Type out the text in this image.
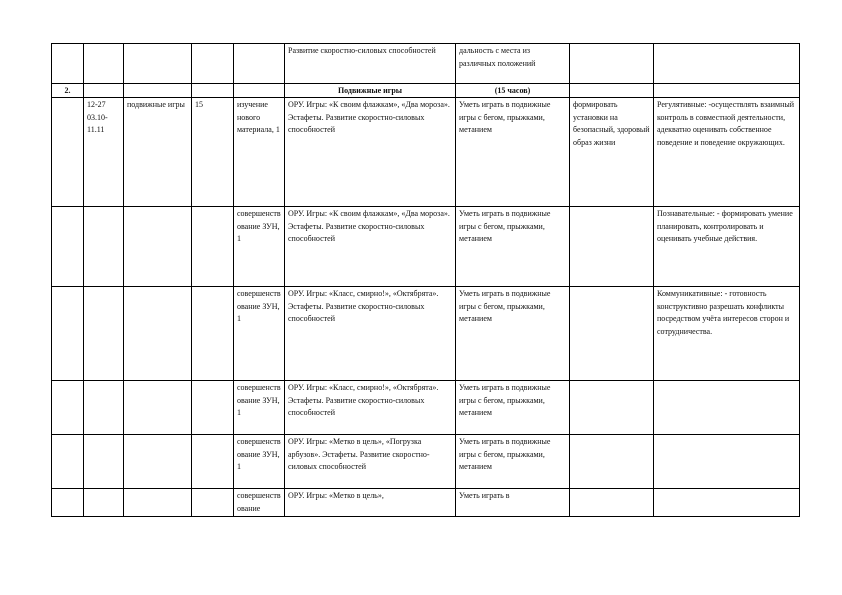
					Развитие скоростно-силовых способностей	дальность с места из различных положений		
2.					Подвижные игры	(15 часов)		
	12-27 03.10-11.11	подвижные игры	15	изучение нового материала, 1	ОРУ. Игры: «К своим флажкам», «Два мороза». Эстафеты. Развитие скоростно-силовых способностей	Уметь играть в подвижные игры с бегом, прыжками, метанием	формировать установки на безопасный, здоровый образ жизни	Регулятивные: -осуществлять взаимный контроль в совместной деятельности, адекватно оценивать собственное поведение и поведение окружающих.
				совершенствование ЗУН, 1	ОРУ. Игры: «К своим флажкам», «Два мороза». Эстафеты. Развитие скоростно-силовых способностей	Уметь играть в подвижные игры с бегом, прыжками, метанием		Познавательные: - формировать умение планировать, контролировать и оценивать учебные действия.
				совершенствование ЗУН, 1	ОРУ. Игры: «Класс, смирно!», «Октябрята». Эстафеты. Развитие скоростно-силовых способностей	Уметь играть в подвижные игры с бегом, прыжками, метанием		Коммуникативные: - готовность конструктивно разрешать конфликты посредством учёта интересов сторон и сотрудничества.
				совершенствование ЗУН, 1	ОРУ. Игры: «Класс, смирно!», «Октябрята». Эстафеты. Развитие скоростно-силовых способностей	Уметь играть в подвижные игры с бегом, прыжками, метанием		
				совершенствование ЗУН, 1	ОРУ. Игры: «Метко в цель», «Погрузка арбузов». Эстафеты. Развитие скоростно-силовых способностей	Уметь играть в подвижные игры с бегом, прыжками, метанием		
				совершенствование	ОРУ. Игры: «Метко в цель»,	Уметь играть в		
